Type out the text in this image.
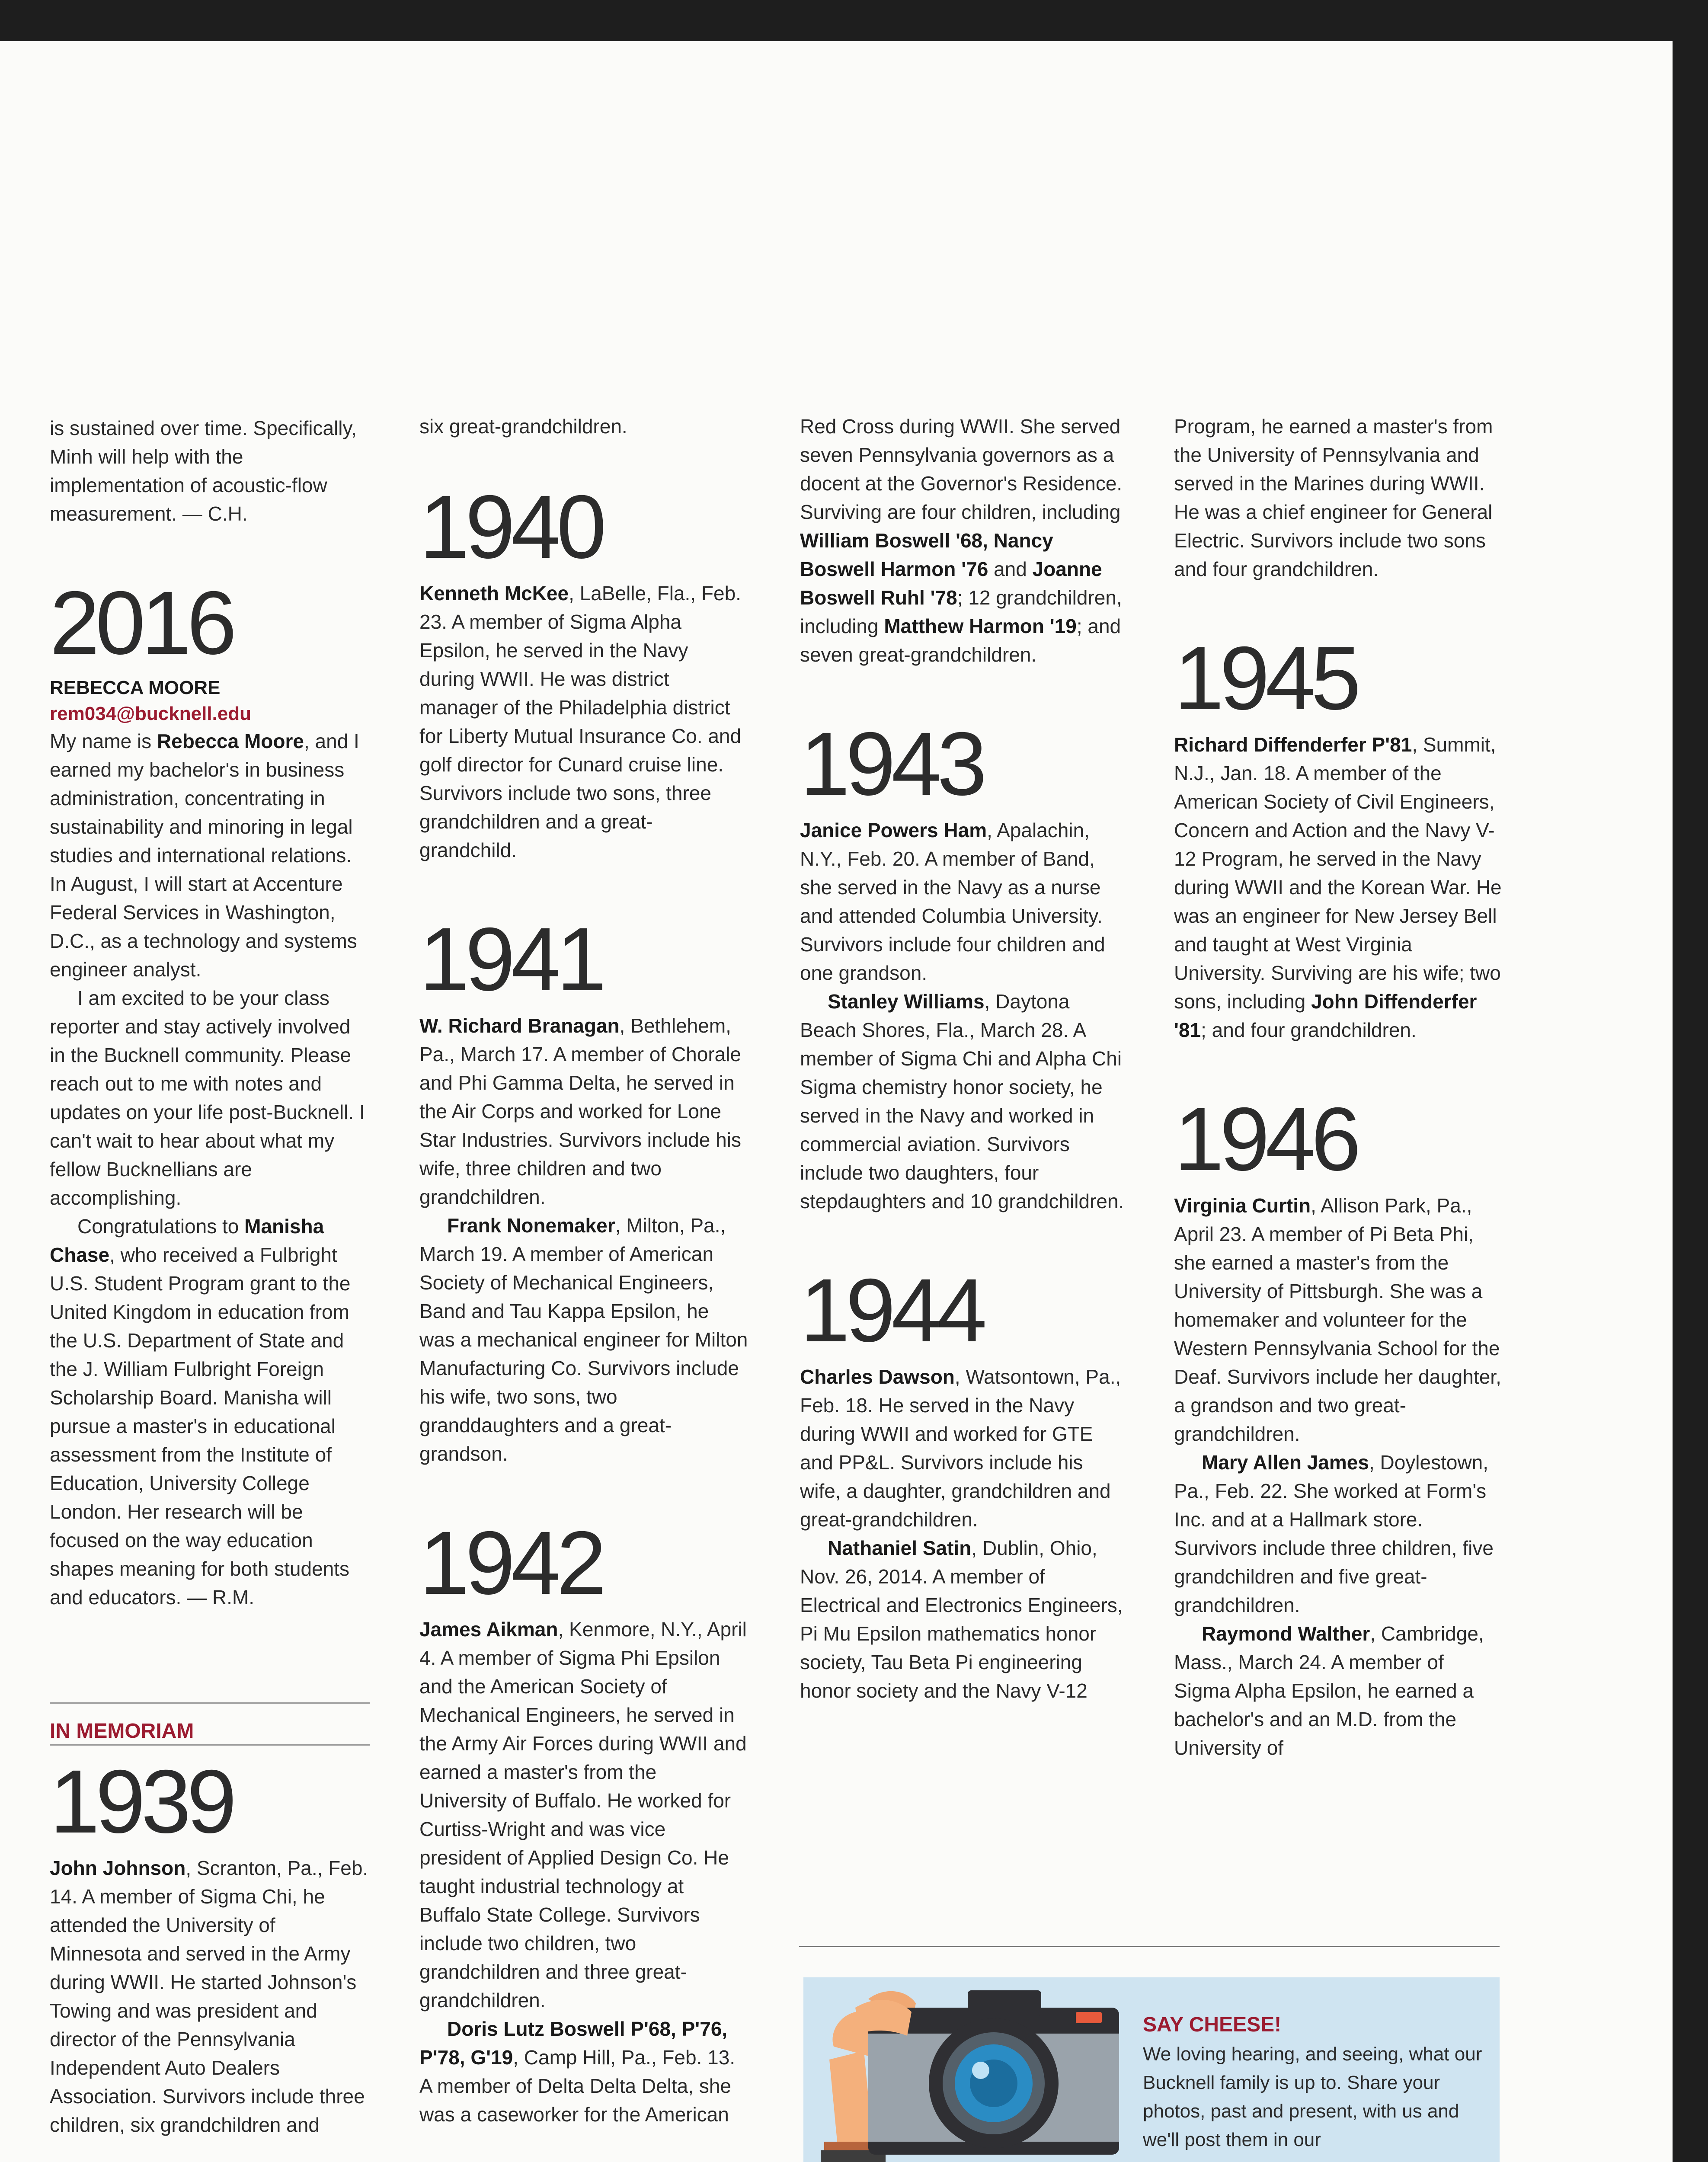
is sustained over time. Specifically, Minh will help with the implementation of acoustic-flow measurement. — C.H.

2016

REBECCA MOORE

rem034@bucknell.edu

My name is Rebecca Moore, and I earned my bachelor's in business administration, concentrating in sustainability and minoring in legal studies and international relations. In August, I will start at Accenture Federal Services in Washington, D.C., as a technology and systems engineer analyst.

I am excited to be your class reporter and stay actively involved in the Bucknell community. Please reach out to me with notes and updates on your life post-Bucknell. I can't wait to hear about what my fellow Bucknellians are accomplishing.

Congratulations to Manisha Chase, who received a Fulbright U.S. Student Program grant to the United Kingdom in education from the U.S. Department of State and the J. William Fulbright Foreign Scholarship Board. Manisha will pursue a master's in educational assessment from the Institute of Education, University College London. Her research will be focused on the way education shapes meaning for both students and educators. — R.M.

IN MEMORIAM

1939

John Johnson, Scranton, Pa., Feb. 14. A member of Sigma Chi, he attended the University of Minnesota and served in the Army during WWII. He started Johnson's Towing and was president and director of the Pennsylvania Independent Auto Dealers Association. Survivors include three children, six grandchildren and

six great-grandchildren.

1940

Kenneth McKee, LaBelle, Fla., Feb. 23. A member of Sigma Alpha Epsilon, he served in the Navy during WWII. He was district manager of the Philadelphia district for Liberty Mutual Insurance Co. and golf director for Cunard cruise line. Survivors include two sons, three grandchildren and a great-grandchild.

1941

W. Richard Branagan, Bethlehem, Pa., March 17. A member of Chorale and Phi Gamma Delta, he served in the Air Corps and worked for Lone Star Industries. Survivors include his wife, three children and two grandchildren.

Frank Nonemaker, Milton, Pa., March 19. A member of American Society of Mechanical Engineers, Band and Tau Kappa Epsilon, he was a mechanical engineer for Milton Manufacturing Co. Survivors include his wife, two sons, two granddaughters and a great-grandson.

1942

James Aikman, Kenmore, N.Y., April 4. A member of Sigma Phi Epsilon and the American Society of Mechanical Engineers, he served in the Army Air Forces during WWII and earned a master's from the University of Buffalo. He worked for Curtiss-Wright and was vice president of Applied Design Co. He taught industrial technology at Buffalo State College. Survivors include two children, two grandchildren and three great-grandchildren.

Doris Lutz Boswell P'68, P'76, P'78, G'19, Camp Hill, Pa., Feb. 13. A member of Delta Delta Delta, she was a caseworker for the American

Red Cross during WWII. She served seven Pennsylvania governors as a docent at the Governor's Residence. Surviving are four children, including William Boswell '68, Nancy Boswell Harmon '76 and Joanne Boswell Ruhl '78; 12 grandchildren, including Matthew Harmon '19; and seven great-grandchildren.

1943

Janice Powers Ham, Apalachin, N.Y., Feb. 20. A member of Band, she served in the Navy as a nurse and attended Columbia University. Survivors include four children and one grandson.

Stanley Williams, Daytona Beach Shores, Fla., March 28. A member of Sigma Chi and Alpha Chi Sigma chemistry honor society, he served in the Navy and worked in commercial aviation. Survivors include two daughters, four stepdaughters and 10 grandchildren.

1944

Charles Dawson, Watsontown, Pa., Feb. 18. He served in the Navy during WWII and worked for GTE and PP&L. Survivors include his wife, a daughter, grandchildren and great-grandchildren.

Nathaniel Satin, Dublin, Ohio, Nov. 26, 2014. A member of Electrical and Electronics Engineers, Pi Mu Epsilon mathematics honor society, Tau Beta Pi engineering honor society and the Navy V-12

Program, he earned a master's from the University of Pennsylvania and served in the Marines during WWII. He was a chief engineer for General Electric. Survivors include two sons and four grandchildren.

1945

Richard Diffenderfer P'81, Summit, N.J., Jan. 18. A member of the American Society of Civil Engineers, Concern and Action and the Navy V-12 Program, he served in the Navy during WWII and the Korean War. He was an engineer for New Jersey Bell and taught at West Virginia University. Surviving are his wife; two sons, including John Diffenderfer '81; and four grandchildren.

1946

Virginia Curtin, Allison Park, Pa., April 23. A member of Pi Beta Phi, she earned a master's from the University of Pittsburgh. She was a homemaker and volunteer for the Western Pennsylvania School for the Deaf. Survivors include her daughter, a grandson and two great-grandchildren.

Mary Allen James, Doylestown, Pa., Feb. 22. She worked at Form's Inc. and at a Hallmark store. Survivors include three children, five grandchildren and five great-grandchildren.

Raymond Walther, Cambridge, Mass., March 24. A member of Sigma Alpha Epsilon, he earned a bachelor's and an M.D. from the University of

SAY CHEESE!

We loving hearing, and seeing, what our Bucknell family is up to. Share your photos, past and present, with us and we'll post them in our
